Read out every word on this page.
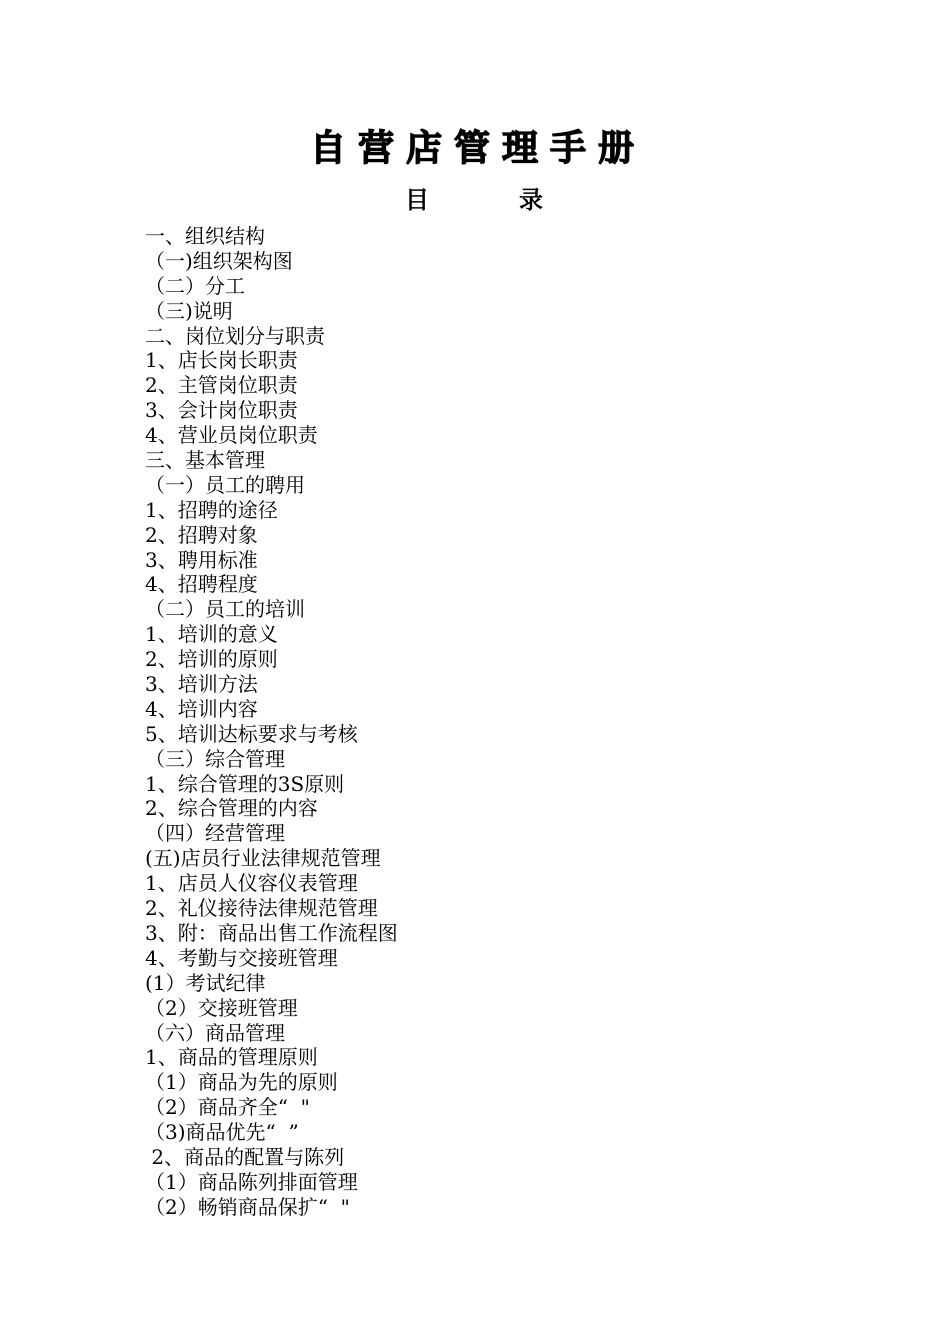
自营店管理手册
目	录
一、组织结构
（一)组织架构图
（二）分工
（三)说明
二、岗位划分与职责
1、店长岗长职责
2、主管岗位职责
3、会计岗位职责
4、营业员岗位职责
三、基本管理
（一）员工的聘用
1、招聘的途径
2、招聘对象
3、聘用标准
4、招聘程度
（二）员工的培训
1、培训的意义
2、培训的原则
3、培训方法
4、培训内容
5、培训达标要求与考核
（三）综合管理
1、综合管理的3S原则
2、综合管理的内容
（四）经营管理
(五)店员行业法律规范管理
1、店员人仪容仪表管理
2、礼仪接待法律规范管理
3、附：商品出售工作流程图
4、考勤与交接班管理
(1）考试纪律
（2）交接班管理
（六）商品管理
1、商品的管理原则
（1）商品为先的原则
（2）商品齐全“  "
（3)商品优先“  ”
2、商品的配置与陈列
（1）商品陈列排面管理
（2）畅销商品保扩“  "
